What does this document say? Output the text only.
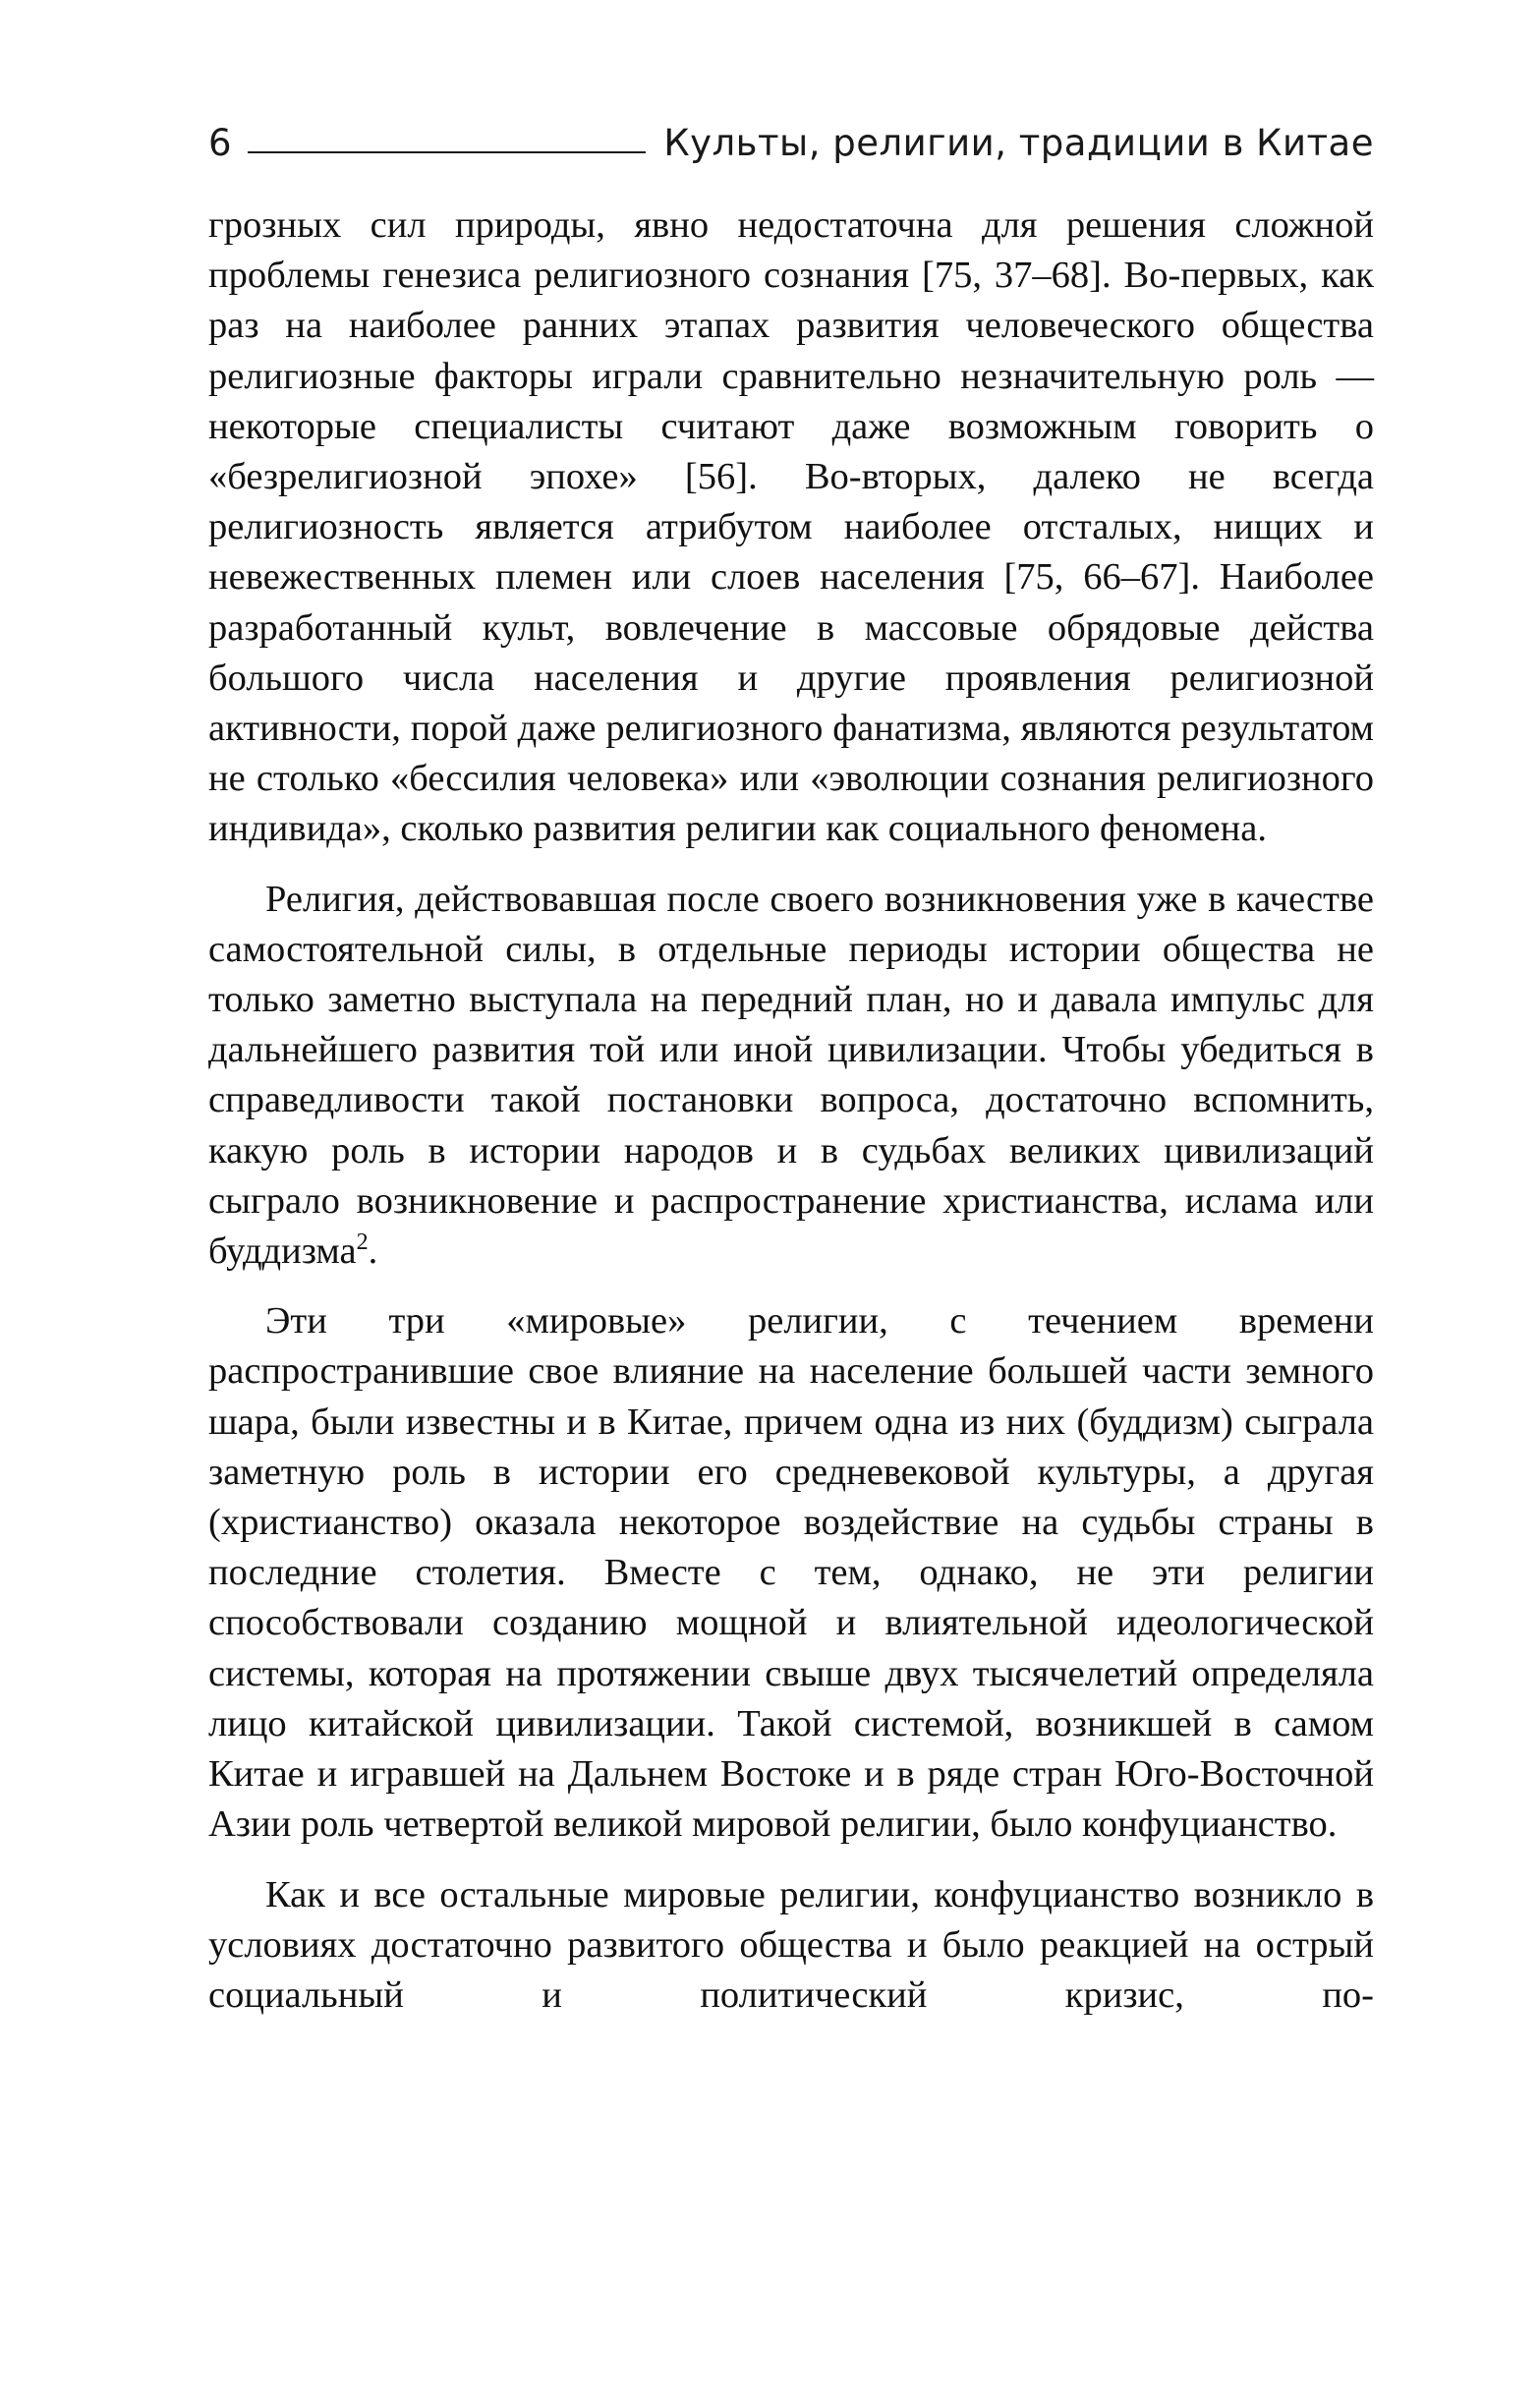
6	Культы, религии, традиции в Китае

грозных сил природы, явно недостаточна для решения сложной проблемы генезиса религиозного сознания [75, 37–68]. Во-первых, как раз на наиболее ранних этапах развития человеческого общества религиозные факторы играли сравнительно незначительную роль — некоторые специалисты считают даже возможным говорить о «безрелигиозной эпохе» [56]. Во-вторых, далеко не всегда религиозность является атрибутом наиболее отсталых, нищих и невежественных племен или слоев населения [75, 66–67]. Наиболее разработанный культ, вовлечение в массовые обрядовые действа большого числа населения и другие проявления религиозной активности, порой даже религиозного фанатизма, являются результатом не столько «бессилия человека» или «эволюции сознания религиозного индивида», сколько развития религии как социального феномена.

Религия, действовавшая после своего возникновения уже в качестве самостоятельной силы, в отдельные периоды истории общества не только заметно выступала на передний план, но и давала импульс для дальнейшего развития той или иной цивилизации. Чтобы убедиться в справедливости такой постановки вопроса, достаточно вспомнить, какую роль в истории народов и в судьбах великих цивилизаций сыграло возникновение и распространение христианства, ислама или буддизма$^2$.

Эти три «мировые» религии, с течением времени распространившие свое влияние на население большей части земного шара, были известны и в Китае, причем одна из них (буддизм) сыграла заметную роль в истории его средневековой культуры, а другая (христианство) оказала некоторое воздействие на судьбы страны в последние столетия. Вместе с тем, однако, не эти религии способствовали созданию мощной и влиятельной идеологической системы, которая на протяжении свыше двух тысячелетий определяла лицо китайской цивилизации. Такой системой, возникшей в самом Китае и игравшей на Дальнем Востоке и в ряде стран Юго-Восточной Азии роль четвертой великой мировой религии, было конфуцианство.

Как и все остальные мировые религии, конфуцианство возникло в условиях достаточно развитого общества и было реакцией на острый социальный и политический кризис, по-
